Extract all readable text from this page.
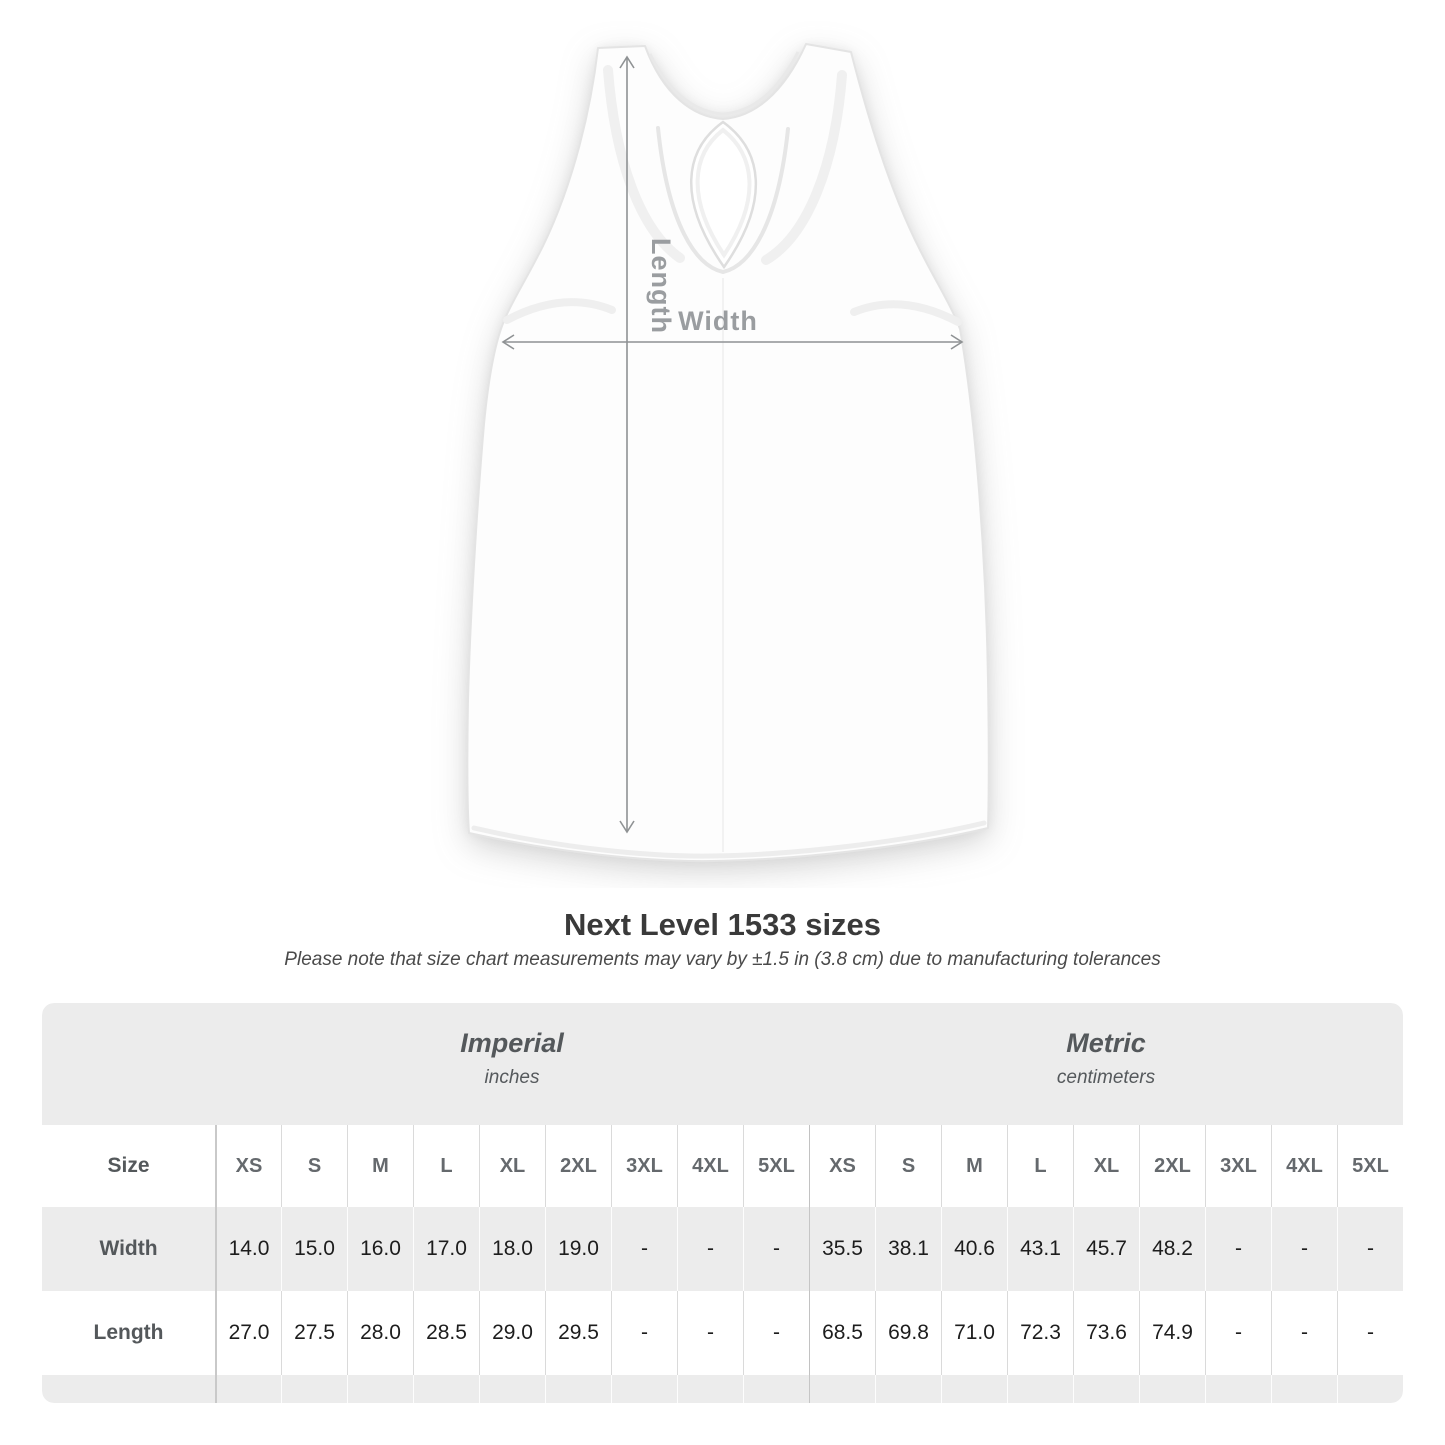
Length Width
Next Level 1533 sizes

Please note that size chart measurements may vary by ±1.5 in (3.8 cm) due to manufacturing tolerances

Imperial
inches
Metric
centimeters
Size	XS	S	M	L	XL	2XL	3XL	4XL	5XL	XS	S	M	L	XL	2XL	3XL	4XL	5XL
Width	14.0	15.0	16.0	17.0	18.0	19.0	-	-	-	35.5	38.1	40.6	43.1	45.7	48.2	-	-	-
Length	27.0	27.5	28.0	28.5	29.0	29.5	-	-	-	68.5	69.8	71.0	72.3	73.6	74.9	-	-	-
